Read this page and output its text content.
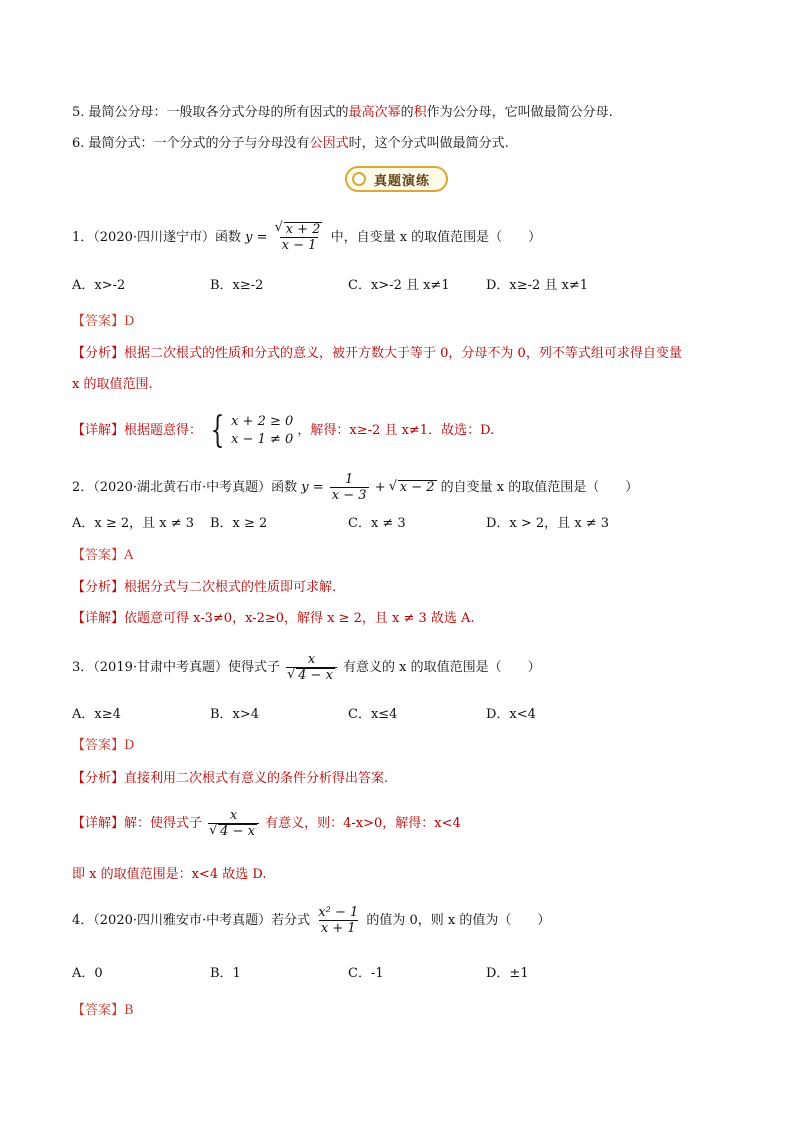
5. 最简公分母：一般取各分式分母的所有因式的最高次幂的积作为公分母，它叫做最简公分母.
6. 最简分式：一个分式的分子与分母没有公因式时，这个分式叫做最简分式.
真题演练
1．（2020·四川遂宁市）函数 y = √ $\frac{x + 2}{x - 1}$ 中，自变量 x 的取值范围是（　　）
A．x>-2	B．x≥-2	C．x>-2 且 x≠1	D．x≥-2 且 x≠1
【答案】D
【分析】根据二次根式的性质和分式的意义，被开方数大于等于 0，分母不为 0，列不等式组可求得自变量
x 的取值范围.
【详解】根据题意得： { x + 2 ≥ 0
x − 1 ≠ 0
，解得：x≥-2 且 x≠1．故选：D.
2．（2020·湖北黄石市·中考真题）函数 $y = \frac{1}{x - 3}$ + √ x − 2 的自变量 x 的取值范围是（　　）
A．x ≥ 2，且 x ≠ 3 B．x ≥ 2	C．x ≠ 3	D．x > 2，且 x ≠ 3
【答案】A
【分析】根据分式与二次根式的性质即可求解.
【详解】依题意可得 x-3≠0，x-2≥0，解得 x ≥ 2，且 x ≠ 3 故选 A.
3．（2019·甘肃中考真题）使得式子 x
√ 4 − x 有意义的 x 的取值范围是（　　）
A．x≥4	B．x>4	C．x≤4	D．x<4
【答案】D
【分析】直接利用二次根式有意义的条件分析得出答案.
【详解】解：使得式子 x
√ 4 − x 有意义，则：4-x>0，解得：x<4
即 x 的取值范围是：x<4 故选 D.
4．（2020·四川雅安市·中考真题）若分式 $\frac{\text{x² − 1}}{x + 1}$ 的值为 0，则 x 的值为（　　）
A．0	B．1	C．-1	D．±1
【答案】B
